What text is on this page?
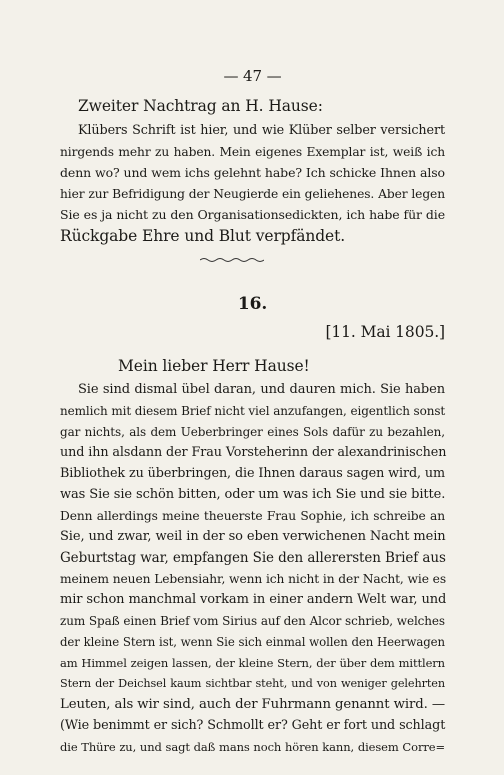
— 47 —
Zweiter Nachtrag an H. Hause:
Klübers Schrift ist hier, und wie Klüber selber versichert
nirgends mehr zu haben. Mein eigenes Exemplar ist, weiß ich
denn wo? und wem ichs gelehnt habe? Ich schicke Ihnen also
hier zur Befridigung der Neugierde ein geliehenes. Aber legen
Sie es ja nicht zu den Organisationsedickten, ich habe für die
Rückgabe Ehre und Blut verpfändet.
16.
[11. Mai 1805.]
Mein lieber Herr Hause!
Sie sind dismal übel daran, und dauren mich. Sie haben
nemlich mit diesem Brief nicht viel anzufangen, eigentlich sonst
gar nichts, als dem Ueberbringer eines Sols dafür zu bezahlen,
und ihn alsdann der Frau Vorsteherinn der alexandrinischen
Bibliothek zu überbringen, die Ihnen daraus sagen wird, um
was Sie sie schön bitten, oder um was ich Sie und sie bitte.
Denn allerdings meine theuerste Frau Sophie, ich schreibe an
Sie, und zwar, weil in der so eben verwichenen Nacht mein
Geburtstag war, empfangen Sie den allerersten Brief aus
meinem neuen Lebensiahr, wenn ich nicht in der Nacht, wie es
mir schon manchmal vorkam in einer andern Welt war, und
zum Spaß einen Brief vom Sirius auf den Alcor schrieb, welches
der kleine Stern ist, wenn Sie sich einmal wollen den Heerwagen
am Himmel zeigen lassen, der kleine Stern, der über dem mittlern
Stern der Deichsel kaum sichtbar steht, und von weniger gelehrten
Leuten, als wir sind, auch der Fuhrmann genannt wird. —
(Wie benimmt er sich? Schmollt er? Geht er fort und schlagt
die Thüre zu, und sagt daß mans noch hören kann, diesem Corre=
